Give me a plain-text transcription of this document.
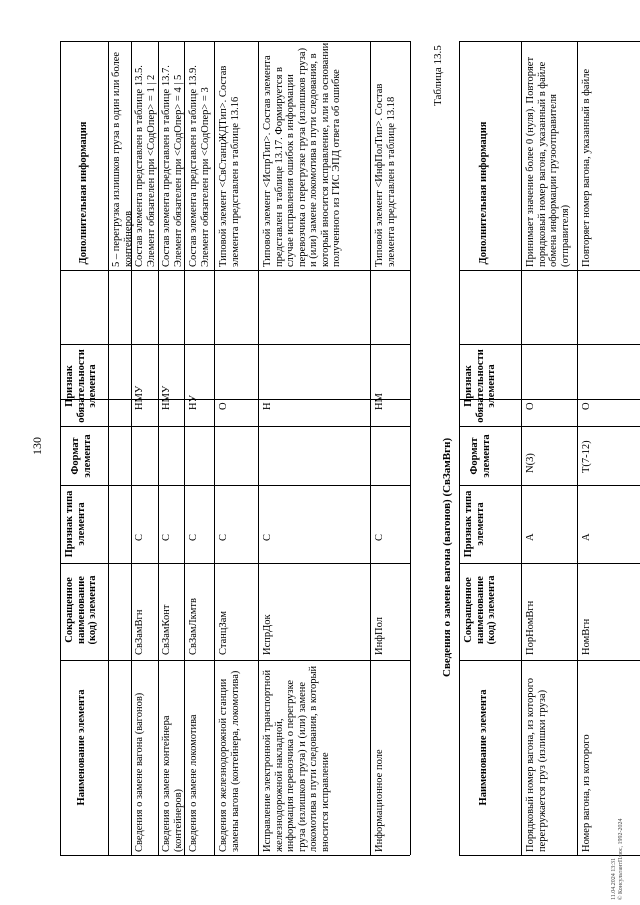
130
Наименование элемента
Сокращенное наименование (код) элемента
Признак типа элемента
Формат элемента
Признак обязательности элемента
Дополнительная информация 5 – перегрузка излишков груза в один или более контейнеров
Сведения о замене вагона (вагонов)
СвЗамВгн
С
НМУ
Состав элемента представлен в таблице 13.5. Элемент обязателен при <СодОпер> = 1 | 2
Сведения о замене контейнера (контейнеров)
СвЗамКонт
С
НМУ
Состав элемента представлен в таблице 13.7. Элемент обязателен при <СодОпер> = 4 | 5
Сведения о замене локомотива
СвЗамЛкмтв
С
НУ
Состав элемента представлен в таблице 13.9. Элемент обязателен при <СодОпер> = 3
Сведения о железнодорожной станции замены вагона (контейнера, локомотива)
СтанцЗам
С
О
Типовой элемент <СвСтанцЖДТип>. Состав элемента представлен в таблице 13.16
Исправление электронной транспортной железнодорожной накладной, информация перевозчика о перегрузке груза (излишков груза) и (или) замене локомотива в пути следования, в который вносится исправление
ИспрДок
С
Н
Типовой элемент <ИспрТип>. Состав элемента представлен в таблице 13.17. Формируется в случае исправления ошибок в информации перевозчика о перегрузке груза (излишков груза) и (или) замене локомотива в пути следования, в который вносится исправление, или на основании полученного из ГИС ЭПД ответа об ошибке
Информационное поле
ИнфПол
С
НМ
Типовой элемент <ИнфПолТип>. Состав элемента представлен в таблице 13.18
Таблица 13.5
Сведения о замене вагона (вагонов) (СвЗамВгн)
Наименование элемента
Сокращенное наименование (код) элемента
Признак типа элемента
Формат элемента
Признак обязательности элемента
Дополнительная информация
Порядковый номер вагона, из которого перегружается груз (излишки груза)
ПорНомВгн
А
N(3)
О
Принимает значение более 0 (нуля). Повторяет порядковый номер вагона, указанный в файле обмена информации грузоотправителя (отправителя)
Номер вагона, из которого
НомВгн
А
T(7-12)
О
Повторяет номер вагона, указанный в файле
11.04.2024 13:31
© КонсультантПлюс, 1992-2024
